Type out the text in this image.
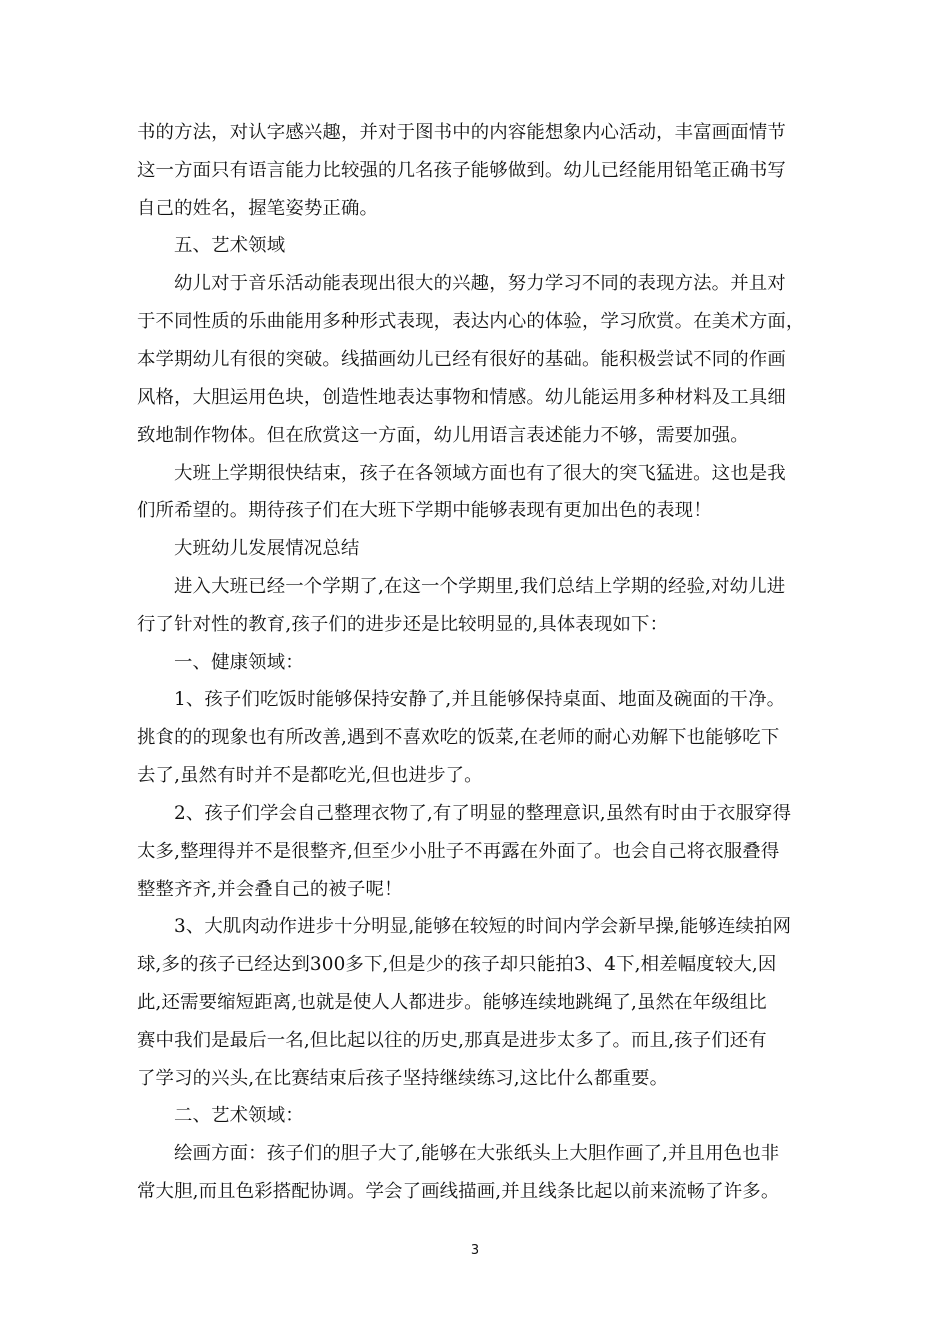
书的方法，对认字感兴趣，并对于图书中的内容能想象内心活动，丰富画面情节
这一方面只有语言能力比较强的几名孩子能够做到。幼儿已经能用铅笔正确书写
自己的姓名，握笔姿势正确。
五、艺术领域
幼儿对于音乐活动能表现出很大的兴趣，努力学习不同的表现方法。并且对
于不同性质的乐曲能用多种形式表现，表达内心的体验，学习欣赏。在美术方面，
本学期幼儿有很的突破。线描画幼儿已经有很好的基础。能积极尝试不同的作画
风格，大胆运用色块，创造性地表达事物和情感。幼儿能运用多种材料及工具细
致地制作物体。但在欣赏这一方面，幼儿用语言表述能力不够，需要加强。
大班上学期很快结束，孩子在各领域方面也有了很大的突飞猛进。这也是我
们所希望的。期待孩子们在大班下学期中能够表现有更加出色的表现！
大班幼儿发展情况总结
进入大班已经一个学期了,在这一个学期里,我们总结上学期的经验,对幼儿进
行了针对性的教育,孩子们的进步还是比较明显的,具体表现如下：
一、健康领域：
1、孩子们吃饭时能够保持安静了,并且能够保持桌面、地面及碗面的干净。
挑食的的现象也有所改善,遇到不喜欢吃的饭菜,在老师的耐心劝解下也能够吃下
去了,虽然有时并不是都吃光,但也进步了。
2、孩子们学会自己整理衣物了,有了明显的整理意识,虽然有时由于衣服穿得
太多,整理得并不是很整齐,但至少小肚子不再露在外面了。也会自己将衣服叠得
整整齐齐,并会叠自己的被子呢！
3、大肌肉动作进步十分明显,能够在较短的时间内学会新早操,能够连续拍网
球,多的孩子已经达到300多下,但是少的孩子却只能拍3、4下,相差幅度较大,因
此,还需要缩短距离,也就是使人人都进步。能够连续地跳绳了,虽然在年级组比
赛中我们是最后一名,但比起以往的历史,那真是进步太多了。而且,孩子们还有
了学习的兴头,在比赛结束后孩子坚持继续练习,这比什么都重要。
二、艺术领域：
绘画方面：孩子们的胆子大了,能够在大张纸头上大胆作画了,并且用色也非
常大胆,而且色彩搭配协调。学会了画线描画,并且线条比起以前来流畅了许多。
3
